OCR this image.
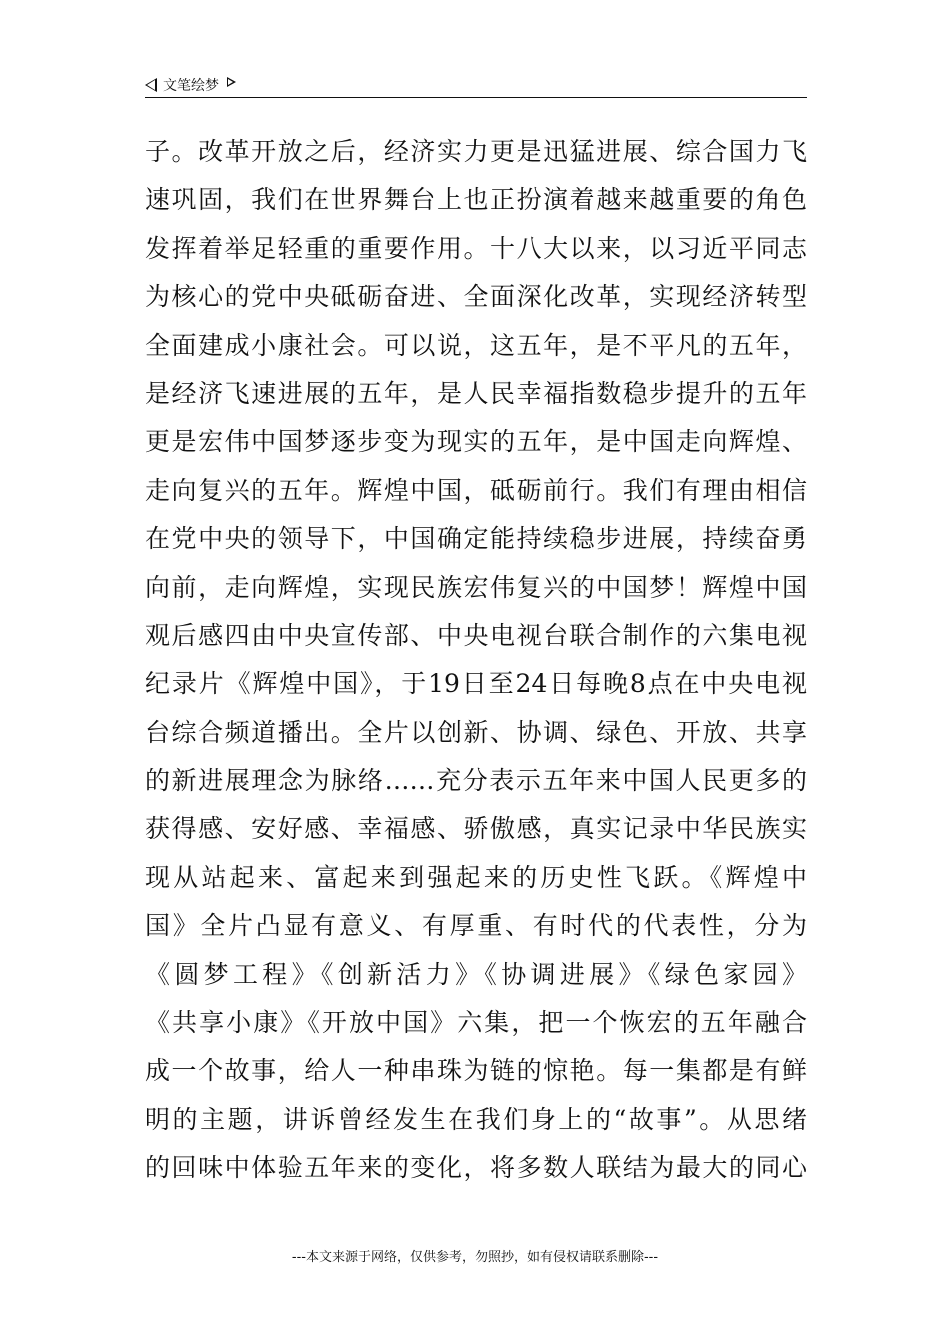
文笔绘梦
子。改革开放之后，经济实力更是迅猛进展、综合国力飞
速巩固，我们在世界舞台上也正扮演着越来越重要的角色
发挥着举足轻重的重要作用。十八大以来，以习近平同志
为核心的党中央砥砺奋进、全面深化改革，实现经济转型
全面建成小康社会。可以说，这五年，是不平凡的五年，
是经济飞速进展的五年，是人民幸福指数稳步提升的五年
更是宏伟中国梦逐步变为现实的五年，是中国走向辉煌、
走向复兴的五年。辉煌中国，砥砺前行。我们有理由相信
在党中央的领导下，中国确定能持续稳步进展，持续奋勇
向前，走向辉煌，实现民族宏伟复兴的中国梦！辉煌中国
观后感四由中央宣传部、中央电视台联合制作的六集电视
纪录片《辉煌中国》，于19日至24日每晚8点在中央电视
台综合频道播出。全片以创新、协调、绿色、开放、共享
的新进展理念为脉络……充分表示五年来中国人民更多的
获得感、安好感、幸福感、骄傲感，真实记录中华民族实
现从站起来、富起来到强起来的历史性飞跃。《辉煌中
国》全片凸显有意义、有厚重、有时代的代表性，分为
《圆梦工程》《创新活力》《协调进展》《绿色家园》
《共享小康》《开放中国》六集，把一个恢宏的五年融合
成一个故事，给人一种串珠为链的惊艳。每一集都是有鲜
明的主题，讲诉曾经发生在我们身上的“故事”。从思绪
的回味中体验五年来的变化，将多数人联结为最大的同心
---本文来源于网络，仅供参考，勿照抄，如有侵权请联系删除---
